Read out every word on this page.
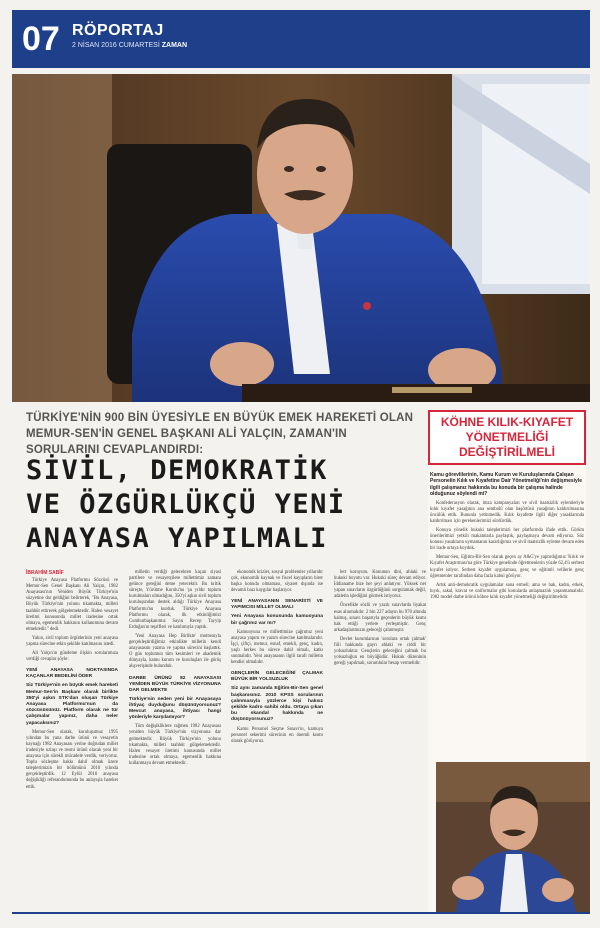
07 RÖPORTAJ
2 NİSAN 2016 CUMARTESİ ZAMAN
TÜRKİYE'NİN 900 BİN ÜYESİYLE EN BÜYÜK EMEK HAREKETİ OLAN MEMUR-SEN'İN GENEL BAŞKANI ALİ YALÇIN, ZAMAN'IN SORULARINI CEVAPLANDIRDI:
SİVİL, DEMOKRATİK
VE ÖZGÜRLÜKÇÜ YENİ
ANAYASA YAPILMALI
İBRAHİM SABİF

Türkiye Anayasa Platformu Sözcüsü ve Memur-Sen Genel Başkanı Ali Yalçın, 1982 Anayasası'nın Yeniden Büyük Türkiye'nin sözyetine dar geldiğini belirterek, "Bu Anayasa, Büyük Türkiye'nin yolunu tıkamakta, milleti taahhüt ettirerek gölgelemektedir. Halen vesayet üretimi konusunda millet iradesine ortak olmaya, egemenlik hakkının kullanımına devam etmektedir." dedi.

Yakın, sivil toplum örgütlerinin yeni anayasa yapma sürecine etkin şekilde katılmasını istedi.

Ali Yalçın'ın gündeme ilişkin sorularımıza verdiği cevaplar şöyle:

YENİ ANAYASA NOKTASINDA KAÇANLAR BEDELİNİ ÖDER
Siz Türkiye'nin en büyük emek hareketi Memur-Sen'in Başkanı olarak birlikte 350'yi aşkın STK'dan oluşan Türkiye Anayasa Platformu'nun da sözcüsüsünüz. Platform olarak ne tür çalışmalar yapınız, daha neler yapacaksınız?

Memur-Sen olarak, kuruluşumuz 1995 yılından bu yana darbe ürünü ve vesayetin kaynağı 1982 Anayasası yerine doğrudan millet iradesiyle uzlaşı ve resmi ürünü olacak yeni bir anayasa için sürekli mücadele verdik, veriyoruz. Toplu sözleşme hakkı dahil olmak üzere taleplerimizin bir bölümünü 2010 yılında gerçekleştirdik. 12 Eylül 2010 anayasa değişikliği referandumunda bu anlayışla hareket ettik.

milletin verdiği gelecekten kaçan siyasi partilere ve vesayetçilere millettimiz zamanı gelince gereğini deme yetecektir. Bu kritik süreçte, Yürütme Kurulu'nu 'şu yıldır toplum kurulmaları olmadığını, 350'yi aşkın sivil toplum kuruluşundan destek aldığı Türkiye Anayasa Platformu'nu kurduk. Türkiye Anayasa Platformu olarak, ilk etkinliğimizi Cumhurbaşkanımız Sayın Recep Tayyip Erdoğan'ın teşrifleri ve katılımıyla yaptık.

'Yeni Anayasa Hep Birlikte' mottosuyla gerçekleştirdiğimiz etkinlikte milletin kendi anayasasını yazma ve yapma sürecini başlattık. O gün toplumun tüm kesimleri ve akademik dünyayla, kamu kurum ve kuruluşları ile görüş alışverişinde bulunduk.

DARBE ÜRÜNÜ 82 ANAYASASI YENİDEN BÜYÜK TÜRKİYE VİZYONUNA DAR GELMEKTE
Türkiye'nin neden yeni bir Anayasaya ihtiyaç duyduğunu düşünüyorsunuz? Mevcut anayasa, ihtiyacı hangi yönleriyle karşılamıyor?

Tüm değişikliklere rağmen 1982 Anayasası yeniden büyük Türkiye'nin vizyonuna dar gelmektedir. Büyük Türkiye'nin yolunu tıkamakta, milleti taahhüt gölgelemektedir. Halen vesayet üretimi konusunda millet iradesine ortak olmaya, egemenlik hakkına kullanmaya devam etmektedir.

ekonomik krizler, sosyal problemler yıllarıdır çok, ekonomik kaynak ve fiscel kayıpların birer başka konuda olmaması, siyaset dışında ise devamlı bazı kaygılar başlatıyor.

YENİ ANAYASANIN SENARİSTİ VE YAPIMCISI MİLLET OLMALI
Yeni Anayasa konusunda kamuoyuna bir çağrınız var mı?

Kamuoyuna ve millettimize çağrımız yeni anayasa yapım ve yazım sürecine katılmalarıdır. İşçi, çiftçi, memur, esnaf, emekli, genç, kadın, yaşlı herkes bu sürece dahil olmalı, katkı sunmalıdır. Yeni anayasanın ilgili tarafı milletin kendisi olmalıdır.

GENÇLERİN GELECEĞİNİ ÇALMAK BÜYÜK BİR YOLSUZLUK
Siz aynı zamanda Eğitim-Bir-Sen genel başkanısınız. 2010 KPSS sorularının çalınmasıyla yüzlerce kişi haksız şekilde kadro sahibi oldu. Ortaya çıkan bu skandal hakkında ne düşünüyorsunuz?

Kamu Personel Seçme Sınavı'nı, kamuya personel sekerimi sürecinin en önemli kısmı olarak görüyoruz.

lert koruyum. Konunun dini, ahlaki ve hukuki boyutu var. Hukuki süreç devam ediyor. İddianame bize her şeyi anlatıyor. Yüksek net yapan sınavların özgürlüğünü sorgulamak değil, adaletin işlediğini görmek istiyoruz.

Öncelikle sözlü ve yazılı sınavlarda liyakat esas alınmalıdır. 2 bin 227 adayın bu 970 altında kalmış, sınavı başarıyla geçenlerin büyük kısmı hak ettiği yerlere yerleşmiştir. Genç arkadaşlarımızın geleceği çalınmıştır.

Devlet kurumlarının 'sorulara ortak çalmak' fiili hakkında gayrı ahlaki ve ciddi bir yolsuzluktur. Gençlerin geleceğini çalmak bu yolsuzluğun en büyüğüdür. Hukuk düzeninin gereği yapılmalı, sorumlular hesap vermelidir.

KÖHNE KILIK-KIYAFET YÖNETMELİĞİ DEĞİŞTİRİLMELİ
Kamu görevlilerinin, Kamu Kurum ve Kuruluşlarında Çalışan Personelin Kılık ve Kıyafetine Dair Yönetmeliği'nin değişmesiyle ilgili çalışmanız hakkında bu konuda bir çalışma halinde olduğunuz söylendi mi?

Konfederasyon olarak, imza kampanyaları ve sivil itaatsizlik eylemleriyle kılık kıyafet yasağının ana sembolü olan başörtüsü yasağının kaldırılmasına öncülük ettik. Bununla yetinmedik. Kılık kıyafette ilgili diğer yasaklarında kaldırılması için gerekenlerimizi sürdürdük.

Konuya yönelik hukuki taleplerimizi her platformda ifade ettik. Görüm önerilerimizi yetkili makamlarla paylaştık, paylaşmaya devam ediyoruz. Söz konusu yasakların uymamanın kararlığımız ve sivil itaatsizlik eyleme devam eden bir irade ortaya koyduk.

Memur-Sen, Eğitim-Bir-Sen olarak geçen ay A&G'ye yaptırdığımız 'Kılık ve Kıyafet Araştırması'na göre Türkiye genelinde öğretmenlerin yüzde 62,4'ü serbest kıyafet istiyor. Serbest kıyafet uygulaması, genç ve eğitimli velilerle genç öğretmenler tarafından daha fazla kabul görüyor.

Artık anti-demokratik uygulamalar sona ermeli; ama ve hak, kadın, erkek, bıyık, sakal, kravat ve uniformalar gibi konularda anlaşmazlık yaşanmamalıdır. 1982 model darbe ürünü köhne kılık kıyafet yönetmeliği değiştirilmelidir.
